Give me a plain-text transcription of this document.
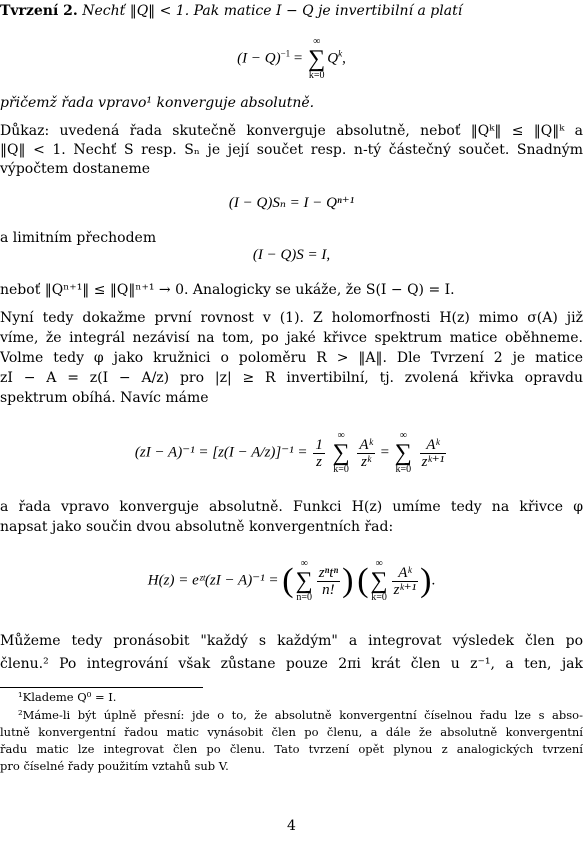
Tvrzení 2. Nechť ‖Q‖ < 1. Pak matice I − Q je invertibilní a platí
$(I - Q)^{-1}$ =
∞
∑
k=0
$Q^k$,
přičemž řada vpravo¹ konverguje absolutně.
Důkaz: uvedená řada skutečně konverguje absolutně, neboť ‖Qᵏ‖ ≤ ‖Q‖ᵏ a
‖Q‖ < 1. Nechť S resp. Sₙ je její součet resp. n-tý částečný součet. Snadným
výpočtem dostaneme
(I − Q)Sₙ = I − Qⁿ⁺¹
a limitním přechodem
(I − Q)S = I,
neboť ‖Qⁿ⁺¹‖ ≤ ‖Q‖ⁿ⁺¹ → 0. Analogicky se ukáže, že S(I − Q) = I.
Nyní tedy dokažme první rovnost v (1). Z holomorfnosti H(z) mimo σ(A) již
víme, že integrál nezávisí na tom, po jaké křivce spektrum matice oběhneme.
Volme tedy φ jako kružnici o poloměru R > ‖A‖. Dle Tvrzení 2 je matice
zI − A = z(I − A/z) pro |z| ≥ R invertibilní, tj. zvolená křivka opravdu
spektrum obíhá. Navíc máme
$(zI - A)^{-1} = [z(I - A/z)]^{-1} = \frac{1}{z}$

∞
∑
k=0
$\frac{\text{Aᵏ}}{\text{zᵏ}}$ =
∞
∑
k=0
$\frac{\text{Aᵏ}}{\text{zᵏ⁺¹}}$
a řada vpravo konverguje absolutně. Funkci H(z) umíme tedy na křivce φ
napsat jako součin dvou absolutně konvergentních řad:
H(z) = eᶻᵗ(zI − A)⁻¹ = ( ∞
∑
$n=0 \frac{\text{zⁿtⁿ}}{n!}$ ) ( ∞
∑
$k=0 \frac{\text{Aᵏ}}{\text{zᵏ⁺¹}}$ ).
Můžeme tedy pronásobit "každý s každým" a integrovat výsledek člen po
členu.² Po integrování však zůstane pouze 2πi krát člen u z⁻¹, a ten, jak
¹Klademe Q⁰ = I.
²Máme-li být úplně přesní: jde o to, že absolutně konvergentní číselnou řadu lze s abso-
lutně konvergentní řadou matic vynásobit člen po členu, a dále že absolutně konvergentní
řadu matic lze integrovat člen po členu. Tato tvrzení opět plynou z analogických tvrzení
pro číselné řady použitím vztahů sub V.
4
